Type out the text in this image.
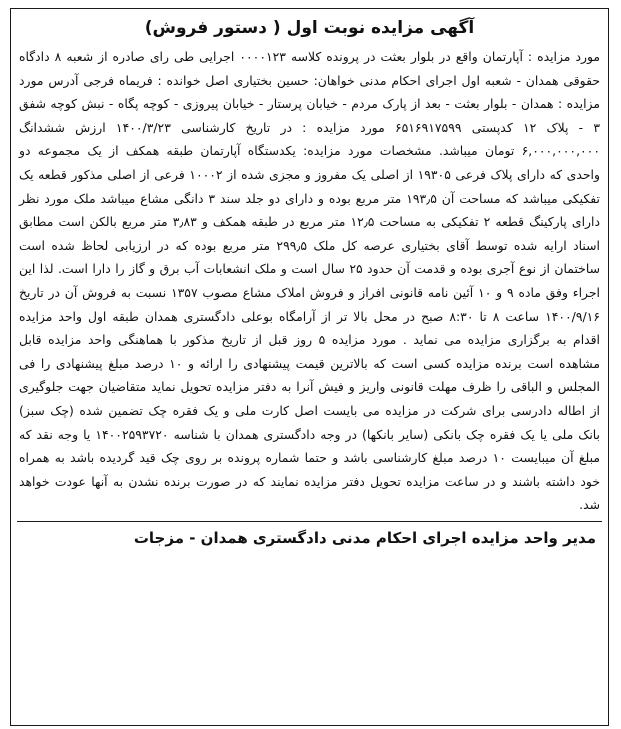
آگهی مزایده نوبت اول ( دستور فروش)
مورد مزایده : آپارتمان واقع در بلوار بعثت در پرونده کلاسه ۰۰۰۰۱۲۳ اجرایی طی رای صادره از شعبه ۸ دادگاه حقوقی همدان - شعبه اول اجرای احکام مدنی خواهان: حسین بختیاری اصل خوانده : فریماه فرجی آدرس مورد مزایده : همدان - بلوار بعثت - بعد از پارک مردم - خیابان پرستار - خیابان پیروزی - کوچه پگاه - نبش کوچه شفق ۳ - پلاک ۱۲ کدپستی ۶۵۱۶۹۱۷۵۹۹ مورد مزایده : در تاریخ کارشناسی ۱۴۰۰/۳/۲۳ ارزش ششدانگ ۶,۰۰۰,۰۰۰,۰۰۰ تومان میباشد. مشخصات مورد مزایده: یکدستگاه آپارتمان طبقه همکف از یک مجموعه دو واحدی که دارای پلاک فرعی ۱۹۳۰۵ از اصلی یک مفروز و مجزی شده از ۱۰۰۰۲ فرعی از اصلی مذکور قطعه یک تفکیکی میباشد که مساحت آن ۱۹۳٫۵ متر مربع بوده و دارای دو جلد سند ۳ دانگی مشاع میباشد ملک مورد نظر دارای پارکینگ قطعه ۲ تفکیکی به مساحت ۱۲٫۵ متر مربع در طبقه همکف و ۳٫۸۳ متر مربع بالکن است مطابق اسناد ارایه شده توسط آقای بختیاری عرصه کل ملک ۲۹۹٫۵ متر مربع بوده که در ارزیابی لحاظ شده است ساختمان از نوع آجری بوده و قدمت آن حدود ۲۵ سال است و ملک انشعابات آب برق و گاز را دارا است. لذا این اجراء وفق ماده ۹ و ۱۰ آئین نامه قانونی افراز و فروش املاک مشاع مصوب ۱۳۵۷ نسبت به فروش آن در تاریخ ۱۴۰۰/۹/۱۶ ساعت ۸ تا ۸:۳۰ صبح در محل بالا تر از آرامگاه بوعلی دادگستری همدان طبقه اول واحد مزایده اقدام به برگزاری مزایده می نماید . مورد مزایده ۵ روز قبل از تاریخ مذکور با هماهنگی واحد مزایده قابل مشاهده است برنده مزایده کسی است که بالاترین قیمت پیشنهادی را ارائه و ۱۰ درصد مبلغ پیشنهادی را فی المجلس و الباقی را ظرف مهلت قانونی واریز و فیش آنرا به دفتر مزایده تحویل نماید متقاضیان جهت جلوگیری از اطاله دادرسی برای شرکت در مزایده می بایست اصل کارت ملی و یک فقره چک تضمین شده (چک سبز) بانک ملی یا یک فقره چک بانکی (سایر بانکها) در وجه دادگستری همدان با شناسه ۱۴۰۰۲۵۹۳۷۲۰ یا وجه نقد که مبلغ آن میبایست ۱۰ درصد مبلغ کارشناسی باشد و حتما شماره پرونده بر روی چک قید گردیده باشد به همراه خود داشته باشند و در ساعت مزایده تحویل دفتر مزایده نمایند که در صورت برنده نشدن به آنها عودت خواهد شد.
مدیر واحد مزایده اجرای احکام مدنی دادگستری همدان - مزجات
